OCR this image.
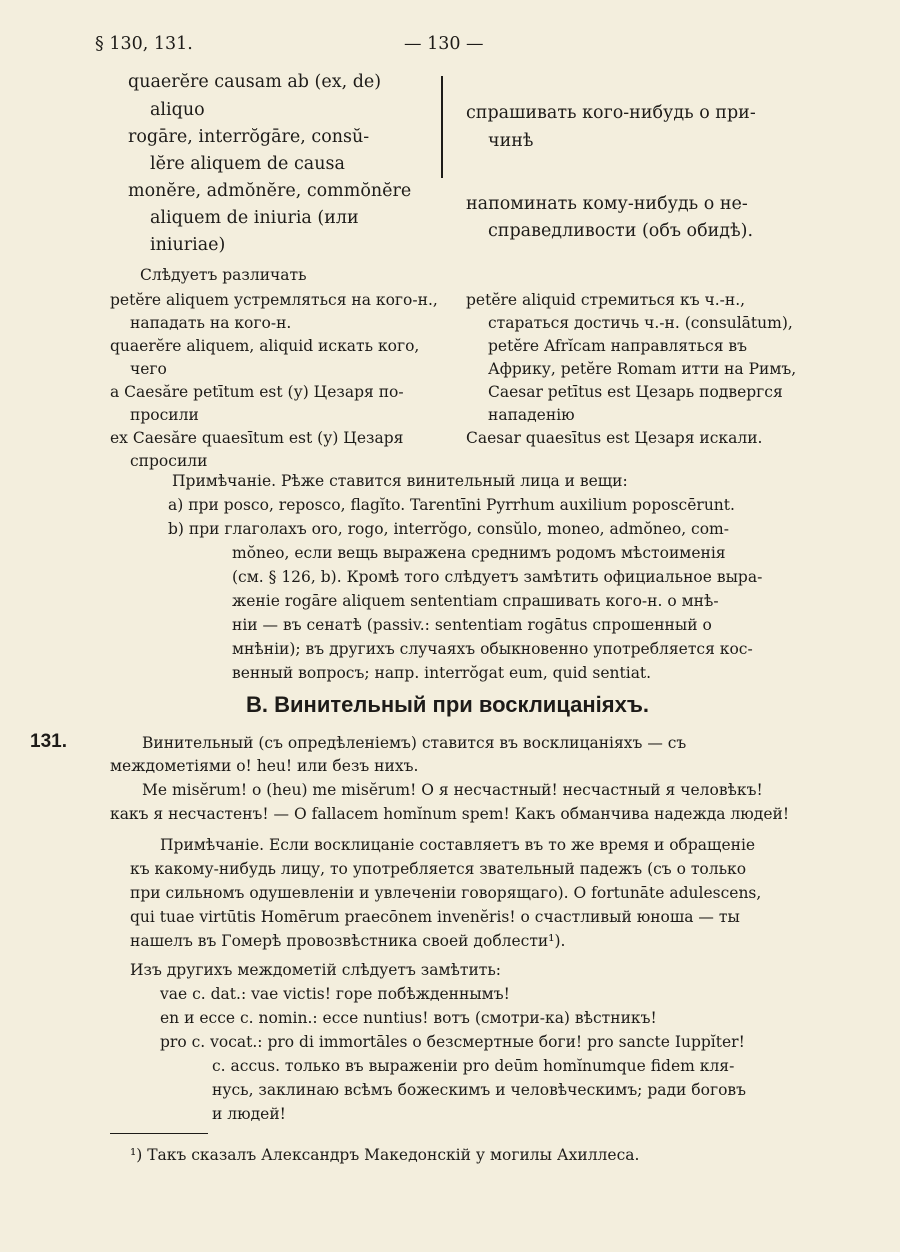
§ 130, 131.	— 130 —
quaerĕre causam ab (ex, de)
aliquo
rogāre, interrŏgāre, consŭ-
lĕre aliquem de causa
спрашивать кого-нибудь о при-
чинѣ
monĕre, admŏnĕre, commŏnĕre
aliquem de iniuria (или
iniuriae)
напоминать кому-нибудь о не-
справедливости (объ обидѣ).
Слѣдуетъ различать
petĕre aliquem устремляться на кого-н.,
нападать на кого-н.
quaerĕre aliquem, aliquid искать кого,
чего
a Caesăre petītum est (у) Цезаря по-
просили
ex Caesăre quaesītum est (у) Цезаря
спросили
petĕre aliquid стремиться къ ч.-н.,
стараться достичь ч.-н. (consulātum),
petĕre Afrĭcam направляться въ
Африку, petĕre Romam итти на Римъ,
Caesar petītus est Цезарь подвергся
нападенію
Caesar quaesītus est Цезаря искали.
Примѣчаніе. Рѣже ставится винительный лица и вещи:
a) при posco, reposco, flagĭto. Tarentīni Pyrrhum auxilium poposcērunt.
b) при глаголахъ oro, rogo, interrŏgo, consŭlo, moneo, admŏneo, com-
mŏneo, если вещь выражена среднимъ родомъ мѣстоименія
(см. § 126, b). Кромѣ того слѣдуетъ замѣтить официальное выра-
женіе rogāre aliquem sententiam спрашивать кого-н. о мнѣ-
ніи — въ сенатѣ (passiv.: sententiam rogātus спрошенный о
мнѣніи); въ другихъ случаяхъ обыкновенно употребляется кос-
венный вопросъ; напр. interrŏgat eum, quid sentiat.
B. Винительный при восклицаніяхъ.
131.	Винительный (съ опредѣленіемъ) ставится въ восклицаніяхъ — съ
междометіями o! heu! или безъ нихъ.
Me misĕrum! o (heu) me misĕrum! О я несчастный! несчастный я человѣкъ!
какъ я несчастенъ! — O fallacem homĭnum spem! Какъ обманчива надежда людей!
Примѣчаніе. Если восклицаніе составляетъ въ то же время и обращеніе
къ какому-нибудь лицу, то употребляется звательный падежъ (съ o только
при сильномъ одушевленіи и увлеченіи говорящаго). O fortunāte adulescens,
qui tuae virtūtis Homērum praecōnem invenĕris! о счастливый юноша — ты
нашелъ въ Гомерѣ провозвѣстника своей доблести¹).
Изъ другихъ междометій слѣдуетъ замѣтить:
vae c. dat.: vae victis! горе побѣжденнымъ!
en и ecce c. nomin.: ecce nuntius! вотъ (смотри-ка) вѣстникъ!
pro c. vocat.: pro di immortāles о безсмертные боги! pro sancte Iuppĭter!
c. accus. только въ выраженіи pro deūm homĭnumque fidem кля-
нусь, заклинаю всѣмъ божескимъ и человѣческимъ; ради боговъ
и людей!
¹) Такъ сказалъ Александръ Македонскій у могилы Ахиллеса.
